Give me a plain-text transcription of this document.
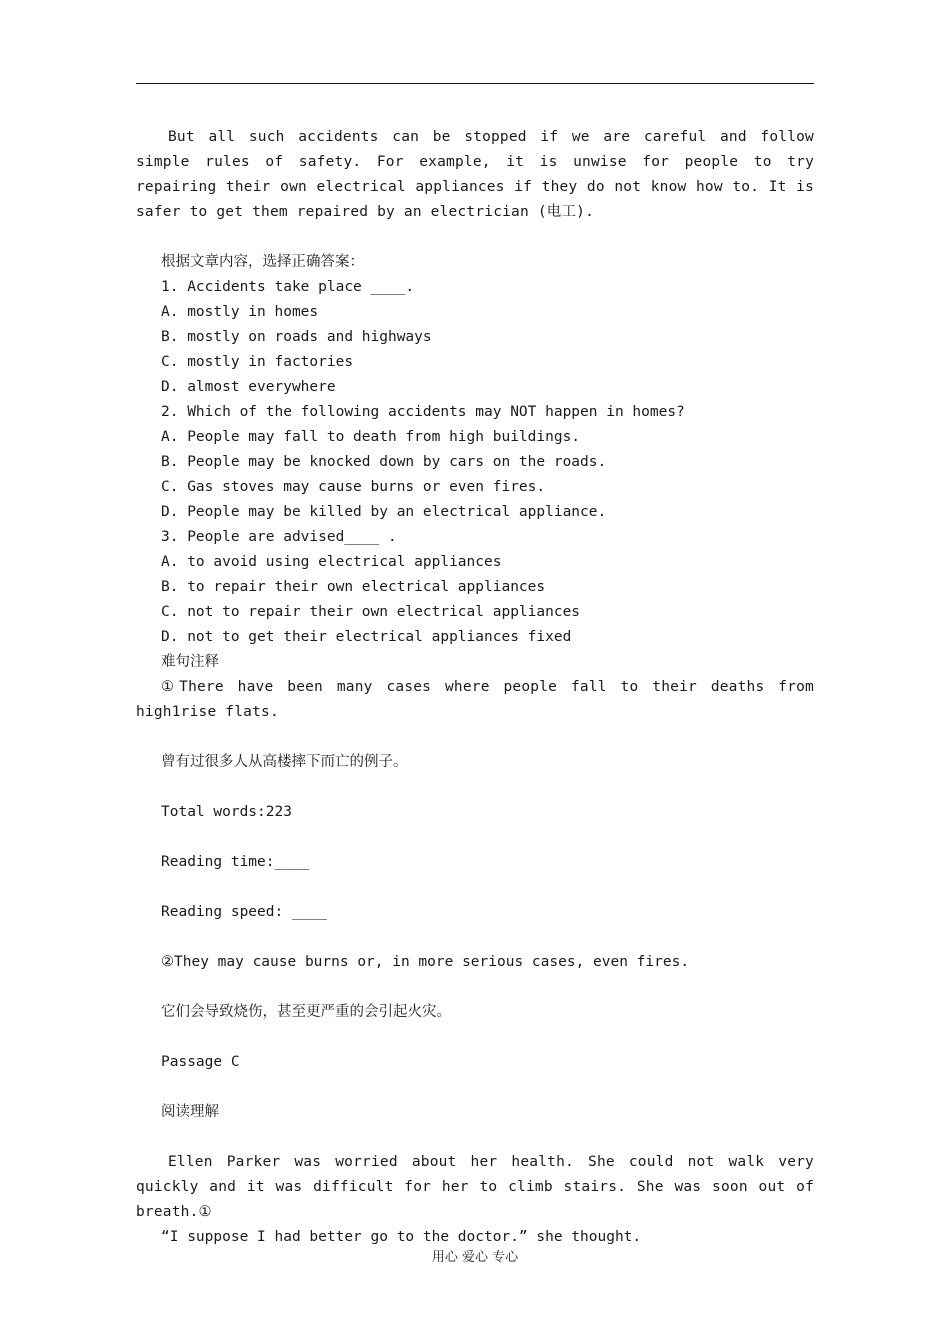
But all such accidents can be stopped if we are careful and follow simple rules of safety. For example, it is unwise for people to try repairing their own electrical appliances if they do not know how to. It is safer to get them repaired by an electrician (电工).

根据文章内容，选择正确答案：

1. Accidents take place ____.

A. mostly in homes

B. mostly on roads and highways

C. mostly in factories

D. almost everywhere

2. Which of the following accidents may NOT happen in homes?

A. People may fall to death from high buildings.

B. People may be knocked down by cars on the roads.

C. Gas stoves may cause burns or even fires.

D. People may be killed by an electrical appliance.

3. People are advised____ .

A. to avoid using electrical appliances

B. to repair their own electrical appliances

C. not to repair their own electrical appliances

D. not to get their electrical appliances fixed

难句注释

①There have been many cases where people fall to their deaths from high1rise flats.

曾有过很多人从高楼摔下而亡的例子。

Total words:223

Reading time:____

Reading speed: ____

②They may cause burns or, in more serious cases, even fires.

它们会导致烧伤，甚至更严重的会引起火灾。

Passage C

阅读理解

Ellen Parker was worried about her health. She could not walk very quickly and it was difficult for her to climb stairs. She was soon out of breath.①

“I suppose I had better go to the doctor.” she thought.

用心 爱心 专心
